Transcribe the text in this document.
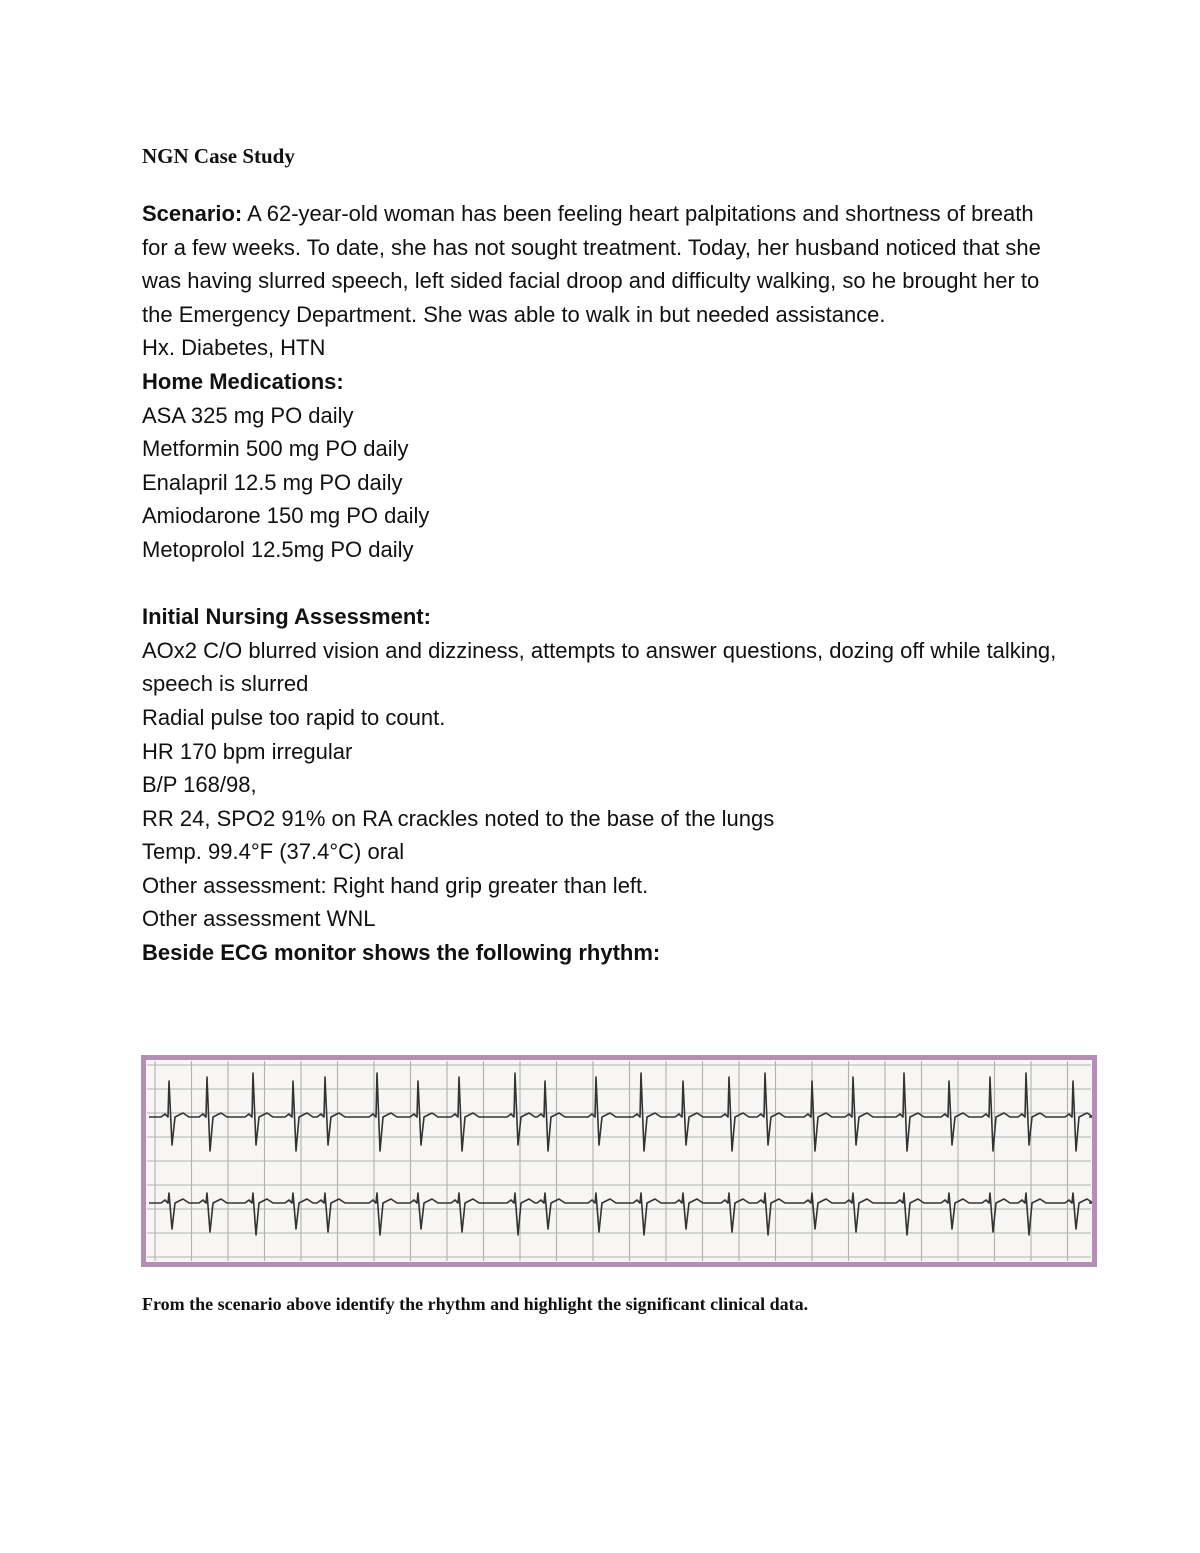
NGN Case Study

Scenario: A 62-year-old woman has been feeling heart palpitations and shortness of breath for a few weeks. To date, she has not sought treatment. Today, her husband noticed that she was having slurred speech, left sided facial droop and difficulty walking, so he brought her to the Emergency Department. She was able to walk in but needed assistance.

Hx. Diabetes, HTN

Home Medications:

ASA 325 mg PO daily

Metformin 500 mg PO daily

Enalapril 12.5 mg PO daily

Amiodarone 150 mg PO daily

Metoprolol 12.5mg PO daily

Initial Nursing Assessment:

AOx2 C/O blurred vision and dizziness, attempts to answer questions, dozing off while talking, speech is slurred

Radial pulse too rapid to count.

HR 170 bpm irregular

B/P 168/98,

RR 24, SPO2 91% on RA crackles noted to the base of the lungs

Temp. 99.4°F (37.4°C) oral

Other assessment: Right hand grip greater than left.

Other assessment WNL

Beside ECG monitor shows the following rhythm:

From the scenario above identify the rhythm and highlight the significant clinical data.
